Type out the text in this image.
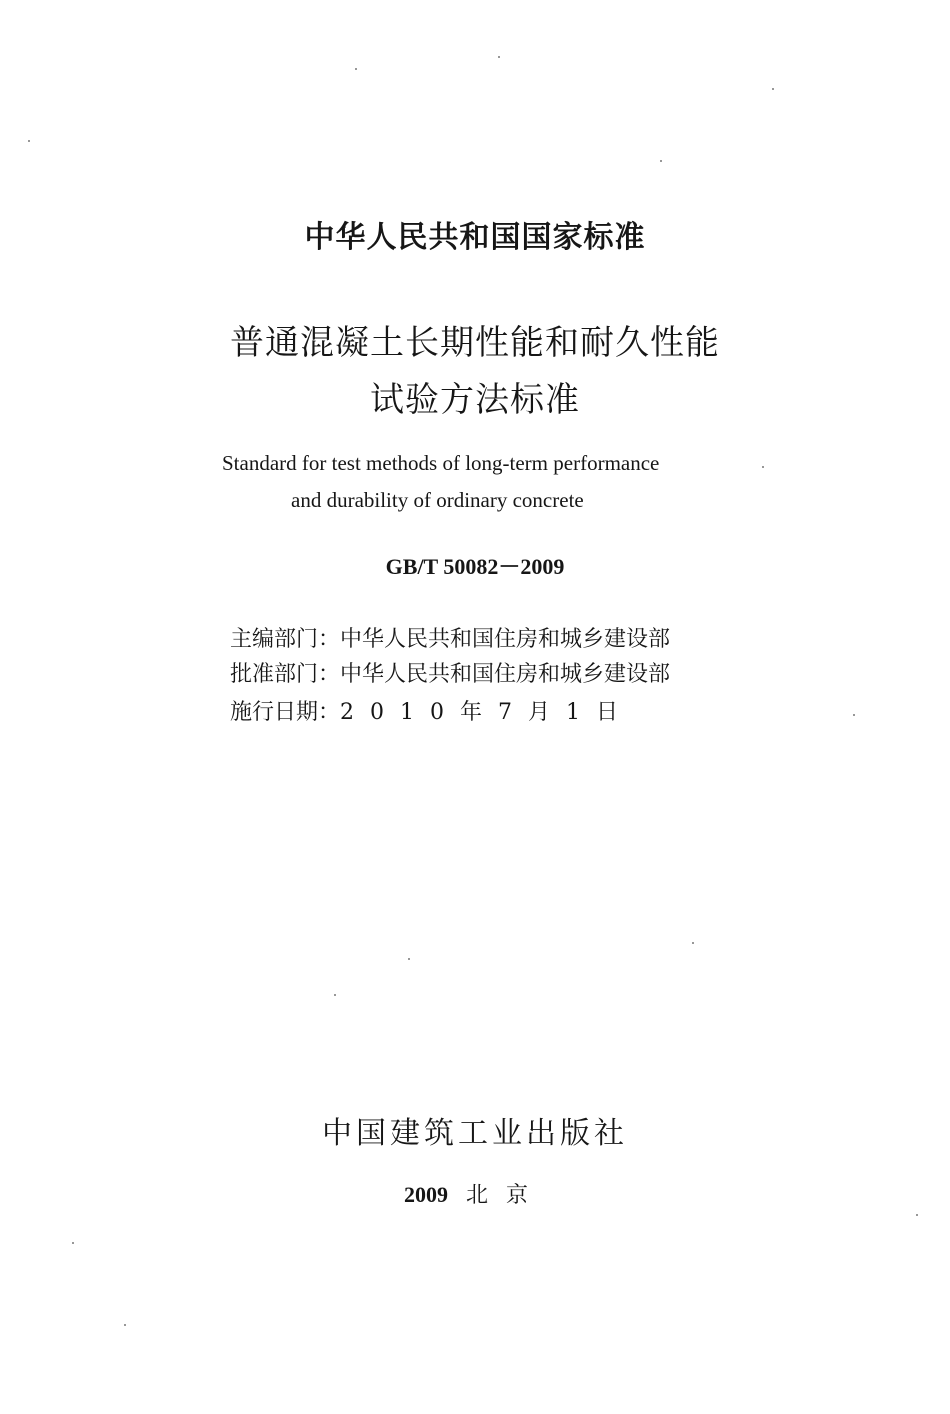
中华人民共和国国家标准
普通混凝土长期性能和耐久性能
试验方法标准
Standard for test methods of long-term performance
and durability of ordinary concrete
GB/T 50082－2009
主编部门：中华人民共和国住房和城乡建设部
批准部门：中华人民共和国住房和城乡建设部
施行日期：2010年7月1日
中国建筑工业出版社
2009 北京
